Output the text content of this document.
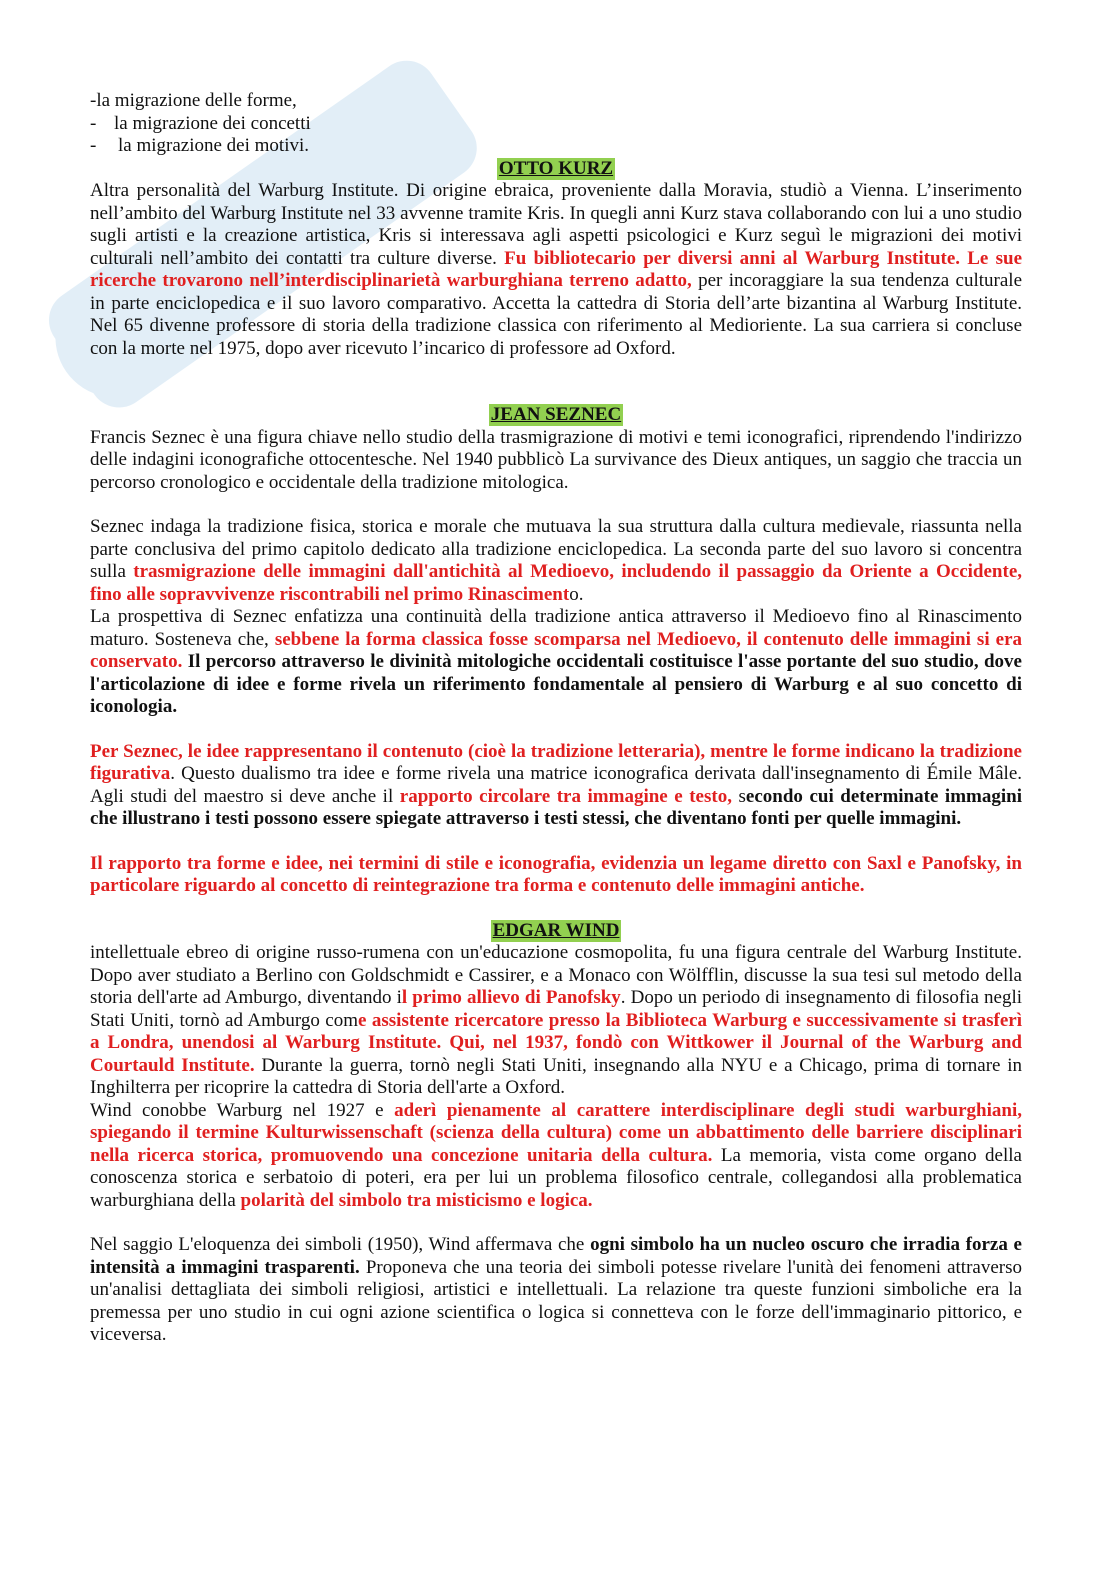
-la migrazione delle forme,

- la migrazione dei concetti

- la migrazione dei motivi.

OTTO KURZ

Altra personalità del Warburg Institute. Di origine ebraica, proveniente dalla Moravia, studiò a Vienna. L’inserimento nell’ambito del Warburg Institute nel 33 avvenne tramite Kris. In quegli anni Kurz stava collaborando con lui a uno studio sugli artisti e la creazione artistica, Kris si interessava agli aspetti psicologici e Kurz seguì le migrazioni dei motivi culturali nell’ambito dei contatti tra culture diverse. Fu bibliotecario per diversi anni al Warburg Institute. Le sue ricerche trovarono nell’interdisciplinarietà warburghiana terreno adatto, per incoraggiare la sua tendenza culturale in parte enciclopedica e il suo lavoro comparativo. Accetta la cattedra di Storia dell’arte bizantina al Warburg Institute. Nel 65 divenne professore di storia della tradizione classica con riferimento al Medioriente. La sua carriera si concluse con la morte nel 1975, dopo aver ricevuto l’incarico di professore ad Oxford.

JEAN SEZNEC

Francis Seznec è una figura chiave nello studio della trasmigrazione di motivi e temi iconografici, riprendendo l'indirizzo delle indagini iconografiche ottocentesche. Nel 1940 pubblicò La survivance des Dieux antiques, un saggio che traccia un percorso cronologico e occidentale della tradizione mitologica.

Seznec indaga la tradizione fisica, storica e morale che mutuava la sua struttura dalla cultura medievale, riassunta nella parte conclusiva del primo capitolo dedicato alla tradizione enciclopedica. La seconda parte del suo lavoro si concentra sulla trasmigrazione delle immagini dall'antichità al Medioevo, includendo il passaggio da Oriente a Occidente, fino alle sopravvivenze riscontrabili nel primo Rinascimento.

La prospettiva di Seznec enfatizza una continuità della tradizione antica attraverso il Medioevo fino al Rinascimento maturo. Sosteneva che, sebbene la forma classica fosse scomparsa nel Medioevo, il contenuto delle immagini si era conservato. Il percorso attraverso le divinità mitologiche occidentali costituisce l'asse portante del suo studio, dove l'articolazione di idee e forme rivela un riferimento fondamentale al pensiero di Warburg e al suo concetto di iconologia.

Per Seznec, le idee rappresentano il contenuto (cioè la tradizione letteraria), mentre le forme indicano la tradizione figurativa. Questo dualismo tra idee e forme rivela una matrice iconografica derivata dall'insegnamento di Émile Mâle. Agli studi del maestro si deve anche il rapporto circolare tra immagine e testo, secondo cui determinate immagini che illustrano i testi possono essere spiegate attraverso i testi stessi, che diventano fonti per quelle immagini.

Il rapporto tra forme e idee, nei termini di stile e iconografia, evidenzia un legame diretto con Saxl e Panofsky, in particolare riguardo al concetto di reintegrazione tra forma e contenuto delle immagini antiche.

EDGAR WIND

intellettuale ebreo di origine russo-rumena con un'educazione cosmopolita, fu una figura centrale del Warburg Institute. Dopo aver studiato a Berlino con Goldschmidt e Cassirer, e a Monaco con Wölfflin, discusse la sua tesi sul metodo della storia dell'arte ad Amburgo, diventando il primo allievo di Panofsky. Dopo un periodo di insegnamento di filosofia negli Stati Uniti, tornò ad Amburgo come assistente ricercatore presso la Biblioteca Warburg e successivamente si trasferì a Londra, unendosi al Warburg Institute. Qui, nel 1937, fondò con Wittkower il Journal of the Warburg and Courtauld Institute. Durante la guerra, tornò negli Stati Uniti, insegnando alla NYU e a Chicago, prima di tornare in Inghilterra per ricoprire la cattedra di Storia dell'arte a Oxford.

Wind conobbe Warburg nel 1927 e aderì pienamente al carattere interdisciplinare degli studi warburghiani, spiegando il termine Kulturwissenschaft (scienza della cultura) come un abbattimento delle barriere disciplinari nella ricerca storica, promuovendo una concezione unitaria della cultura. La memoria, vista come organo della conoscenza storica e serbatoio di poteri, era per lui un problema filosofico centrale, collegandosi alla problematica warburghiana della polarità del simbolo tra misticismo e logica.

Nel saggio L'eloquenza dei simboli (1950), Wind affermava che ogni simbolo ha un nucleo oscuro che irradia forza e intensità a immagini trasparenti. Proponeva che una teoria dei simboli potesse rivelare l'unità dei fenomeni attraverso un'analisi dettagliata dei simboli religiosi, artistici e intellettuali. La relazione tra queste funzioni simboliche era la premessa per uno studio in cui ogni azione scientifica o logica si connetteva con le forze dell'immaginario pittorico, e viceversa.
